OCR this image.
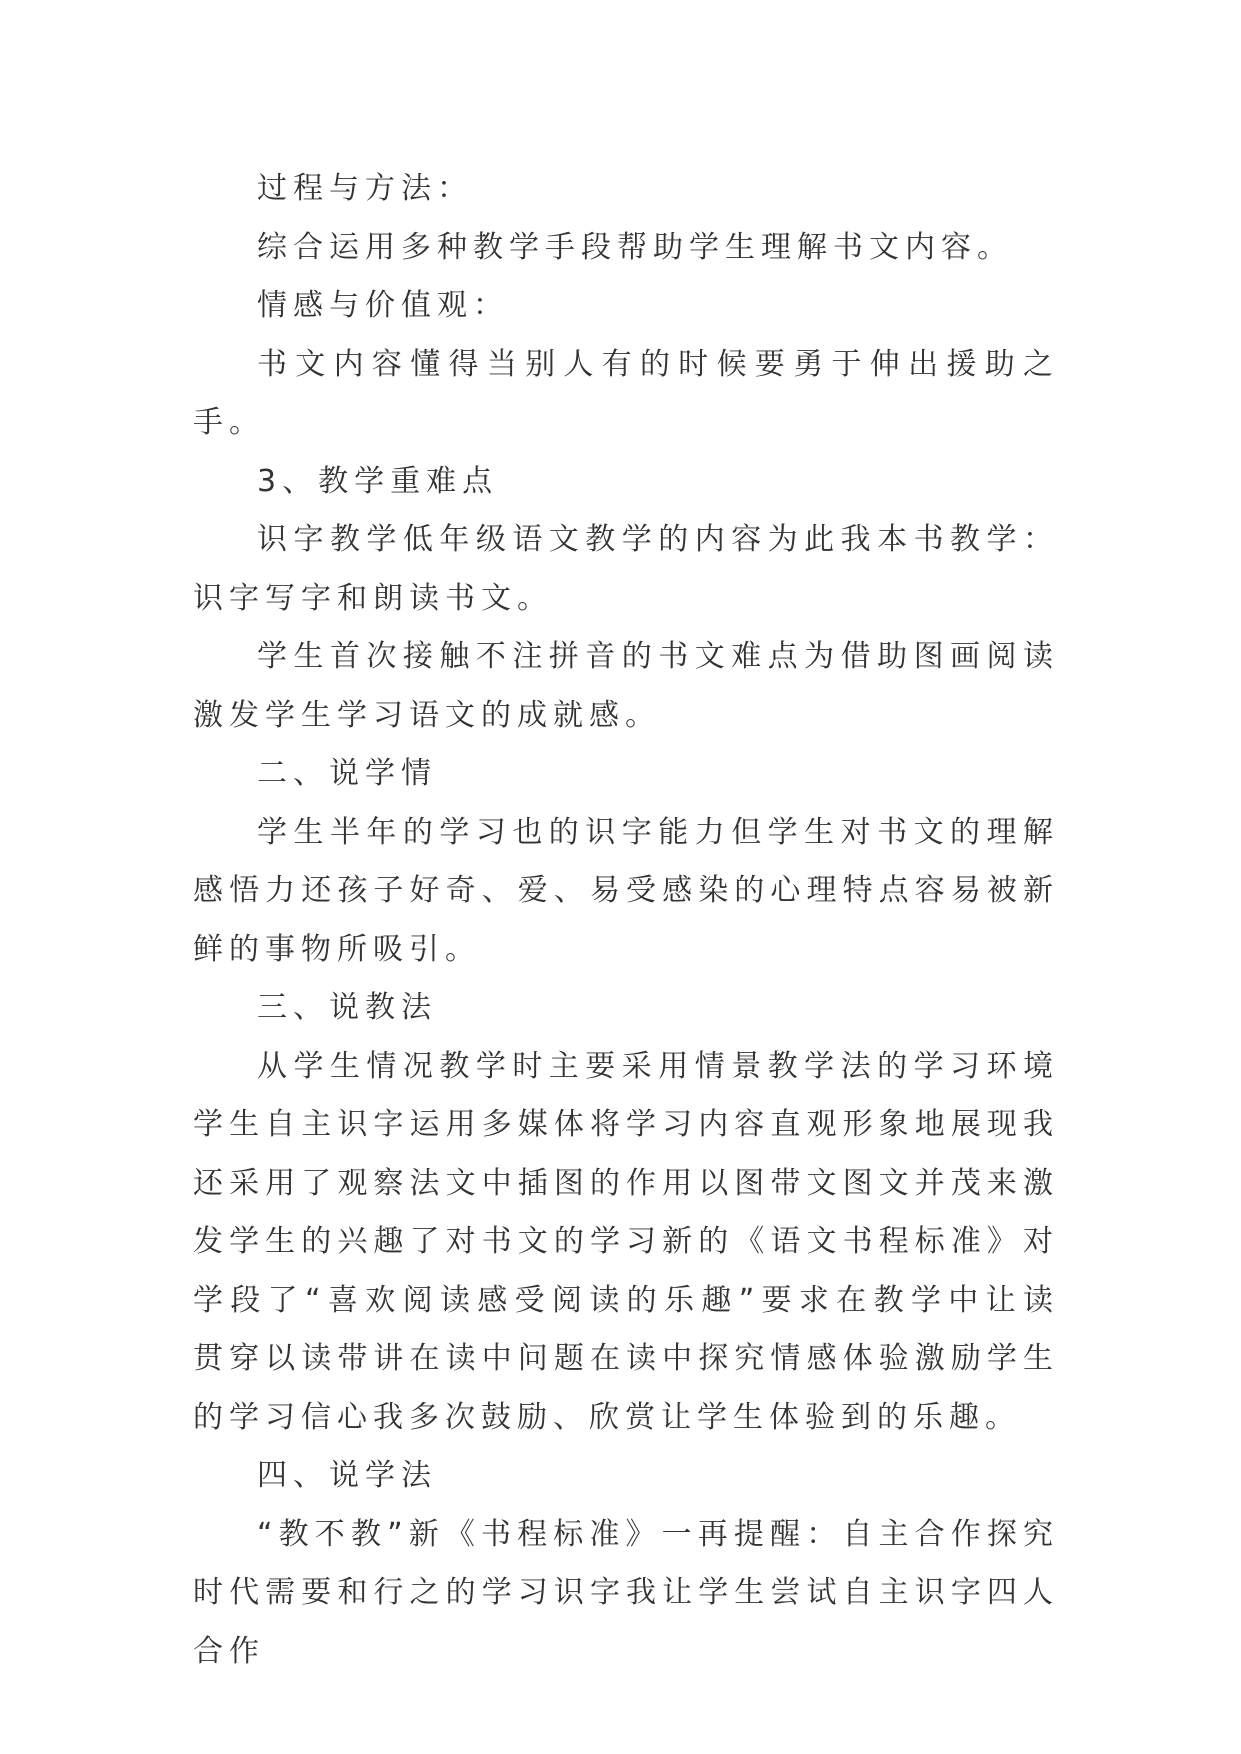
过程与方法：

综合运用多种教学手段帮助学生理解书文内容。

情感与价值观：

书文内容懂得当别人有的时候要勇于伸出援助之手。

3、教学重难点

识字教学低年级语文教学的内容为此我本书教学：识字写字和朗读书文。

学生首次接触不注拼音的书文难点为借助图画阅读激发学生学习语文的成就感。

二、说学情

学生半年的学习也的识字能力但学生对书文的理解感悟力还孩子好奇、爱、易受感染的心理特点容易被新鲜的事物所吸引。

三、说教法

从学生情况教学时主要采用情景教学法的学习环境学生自主识字运用多媒体将学习内容直观形象地展现我还采用了观察法文中插图的作用以图带文图文并茂来激发学生的兴趣了对书文的学习新的《语文书程标准》对学段了“喜欢阅读感受阅读的乐趣”要求在教学中让读贯穿以读带讲在读中问题在读中探究情感体验激励学生的学习信心我多次鼓励、欣赏让学生体验到的乐趣。

四、说学法

“教不教”新《书程标准》一再提醒：自主合作探究时代需要和行之的学习识字我让学生尝试自主识字四人合作
